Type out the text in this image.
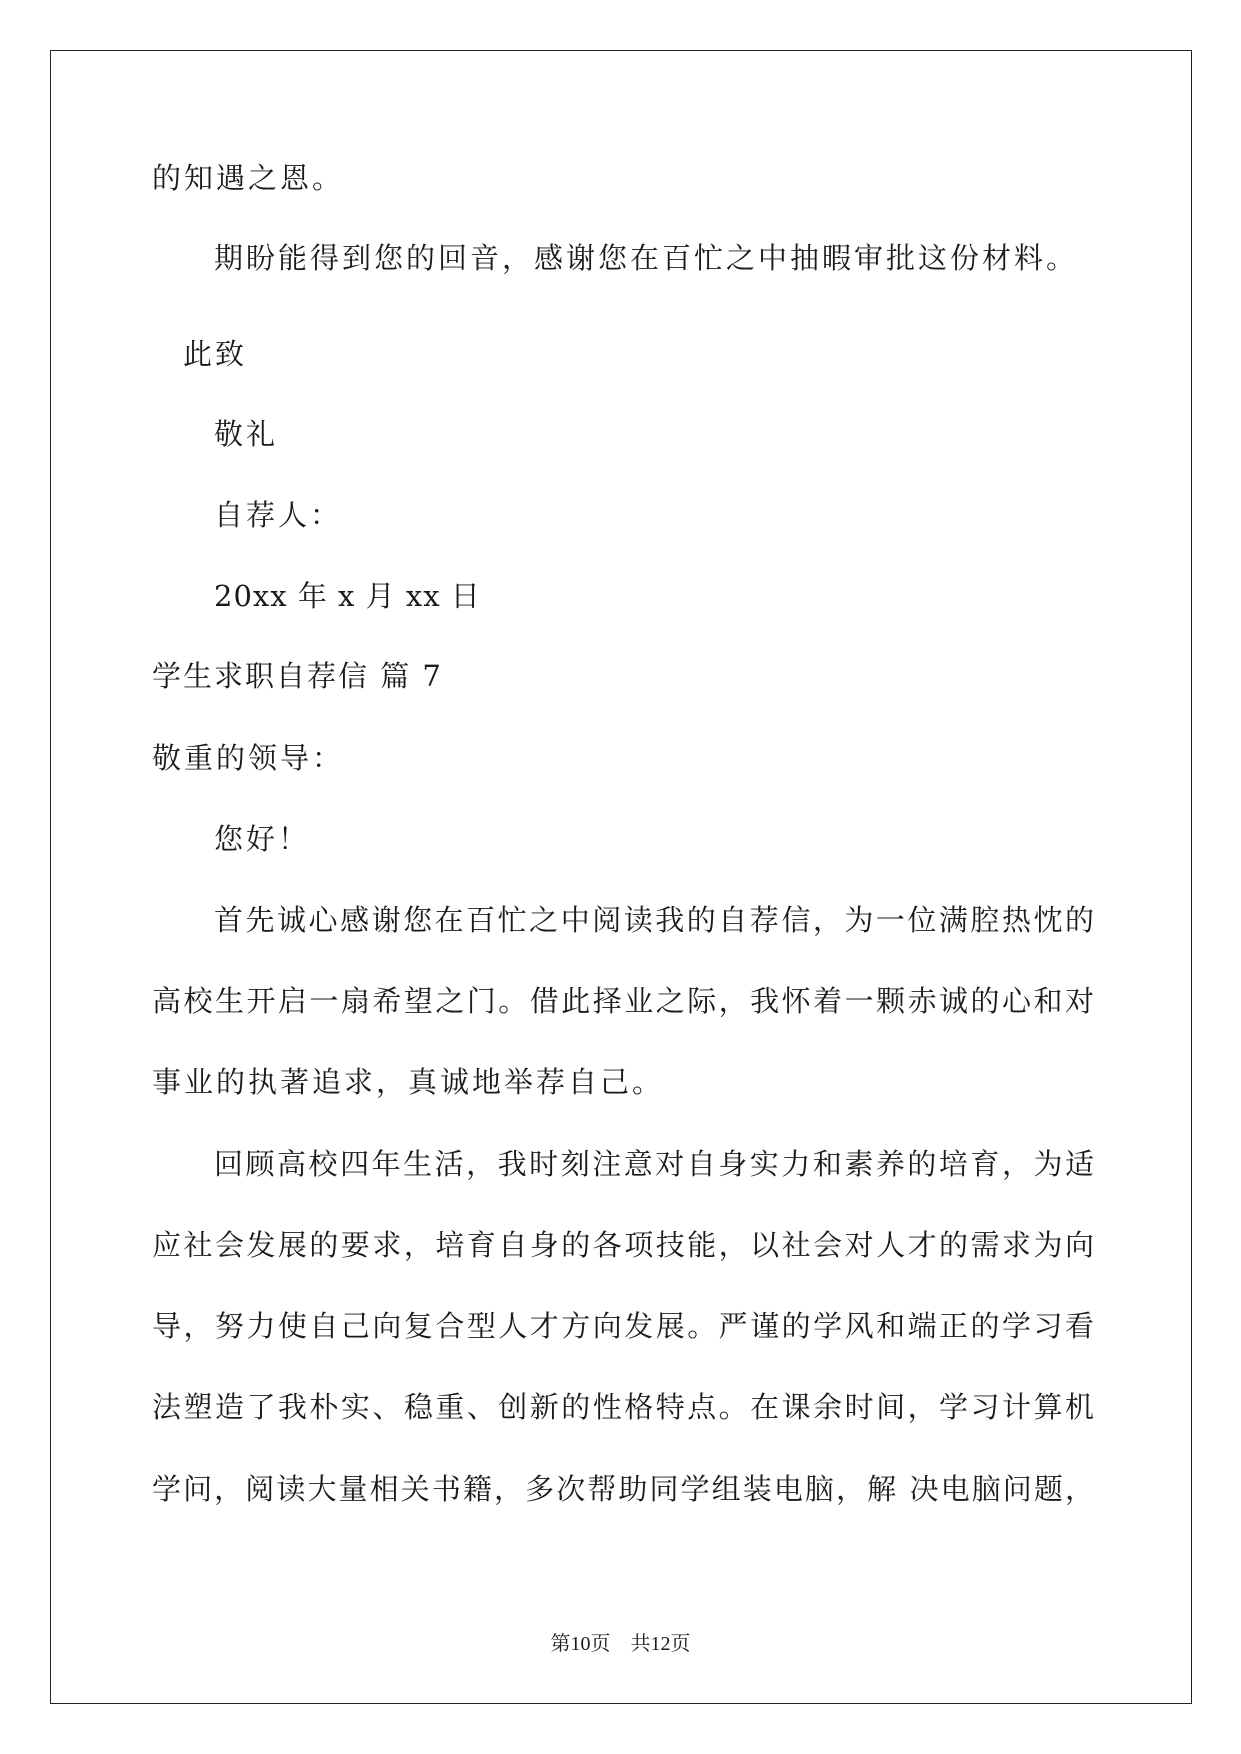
的知遇之恩。
期盼能得到您的回音，感谢您在百忙之中抽暇审批这份材料。
此致
敬礼
自荐人：
20xx 年 x 月 xx 日
学生求职自荐信 篇 7
敬重的领导：
您好！
首先诚心感谢您在百忙之中阅读我的自荐信，为一位满腔热忱的
高校生开启一扇希望之门。借此择业之际，我怀着一颗赤诚的心和对
事业的执著追求，真诚地举荐自己。
回顾高校四年生活，我时刻注意对自身实力和素养的培育，为适
应社会发展的要求，培育自身的各项技能，以社会对人才的需求为向
导，努力使自己向复合型人才方向发展。严谨的学风和端正的学习看
法塑造了我朴实、稳重、创新的性格特点。在课余时间，学习计算机
学问，阅读大量相关书籍，多次帮助同学组装电脑，解 决电脑问题，
第10页　共12页
